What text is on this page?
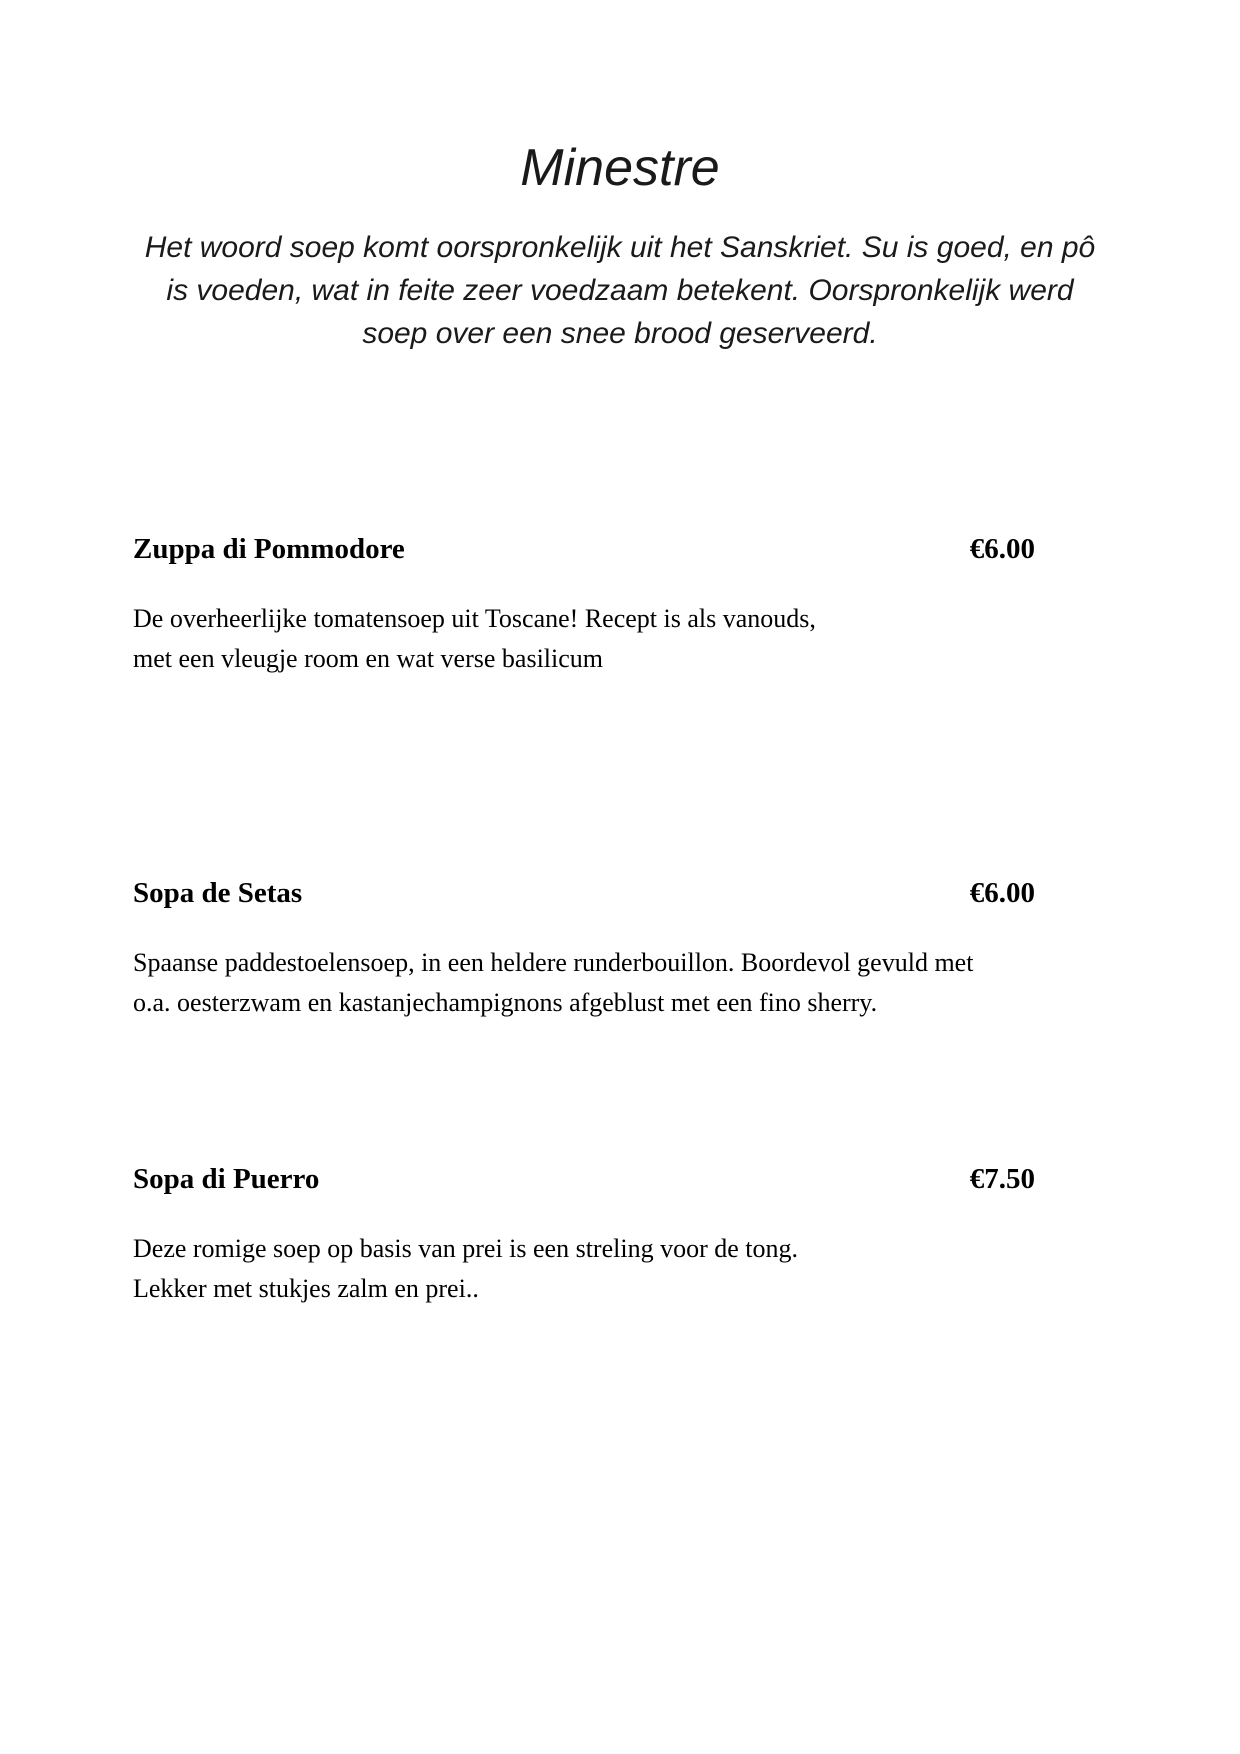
Minestre

Het woord soep komt oorspronkelijk uit het Sanskriet. Su is goed, en pô is voeden, wat in feite zeer voedzaam betekent. Oorspronkelijk werd soep over een snee brood geserveerd.

Zuppa di Pommodore	€6.00
De overheerlijke tomatensoep uit Toscane! Recept is als vanouds,
met een vleugje room en wat verse basilicum
Sopa de Setas	€6.00
Spaanse paddestoelensoep, in een heldere runderbouillon. Boordevol gevuld met
o.a. oesterzwam en kastanjechampignons afgeblust met een fino sherry.
Sopa di Puerro	€7.50
Deze romige soep op basis van prei is een streling voor de tong.
Lekker met stukjes zalm en prei..
